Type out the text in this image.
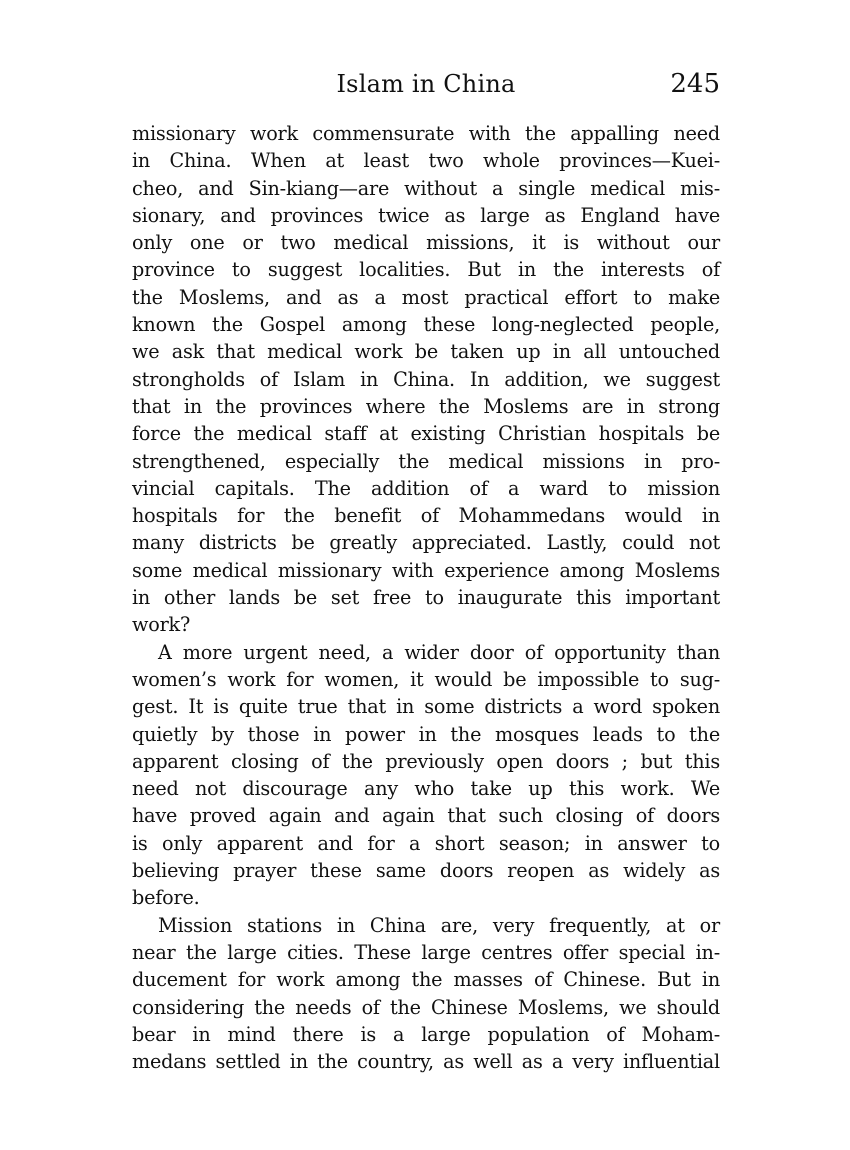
Islam in China	245
missionary work commensurate with the appalling need
in China. When at least two whole provinces—Kuei-
cheo, and Sin-kiang—are without a single medical mis-
sionary, and provinces twice as large as England have
only one or two medical missions, it is without our
province to suggest localities. But in the interests of
the Moslems, and as a most practical effort to make
known the Gospel among these long-neglected people,
we ask that medical work be taken up in all untouched
strongholds of Islam in China. In addition, we suggest
that in the provinces where the Moslems are in strong
force the medical staff at existing Christian hospitals be
strengthened, especially the medical missions in pro-
vincial capitals. The addition of a ward to mission
hospitals for the benefit of Mohammedans would in
many districts be greatly appreciated. Lastly, could not
some medical missionary with experience among Moslems
in other lands be set free to inaugurate this important
work?
A more urgent need, a wider door of opportunity than
women’s work for women, it would be impossible to sug-
gest. It is quite true that in some districts a word spoken
quietly by those in power in the mosques leads to the
apparent closing of the previously open doors ; but this
need not discourage any who take up this work. We
have proved again and again that such closing of doors
is only apparent and for a short season; in answer to
believing prayer these same doors reopen as widely as
before.
Mission stations in China are, very frequently, at or
near the large cities. These large centres offer special in-
ducement for work among the masses of Chinese. But in
considering the needs of the Chinese Moslems, we should
bear in mind there is a large population of Moham-
medans settled in the country, as well as a very influential
